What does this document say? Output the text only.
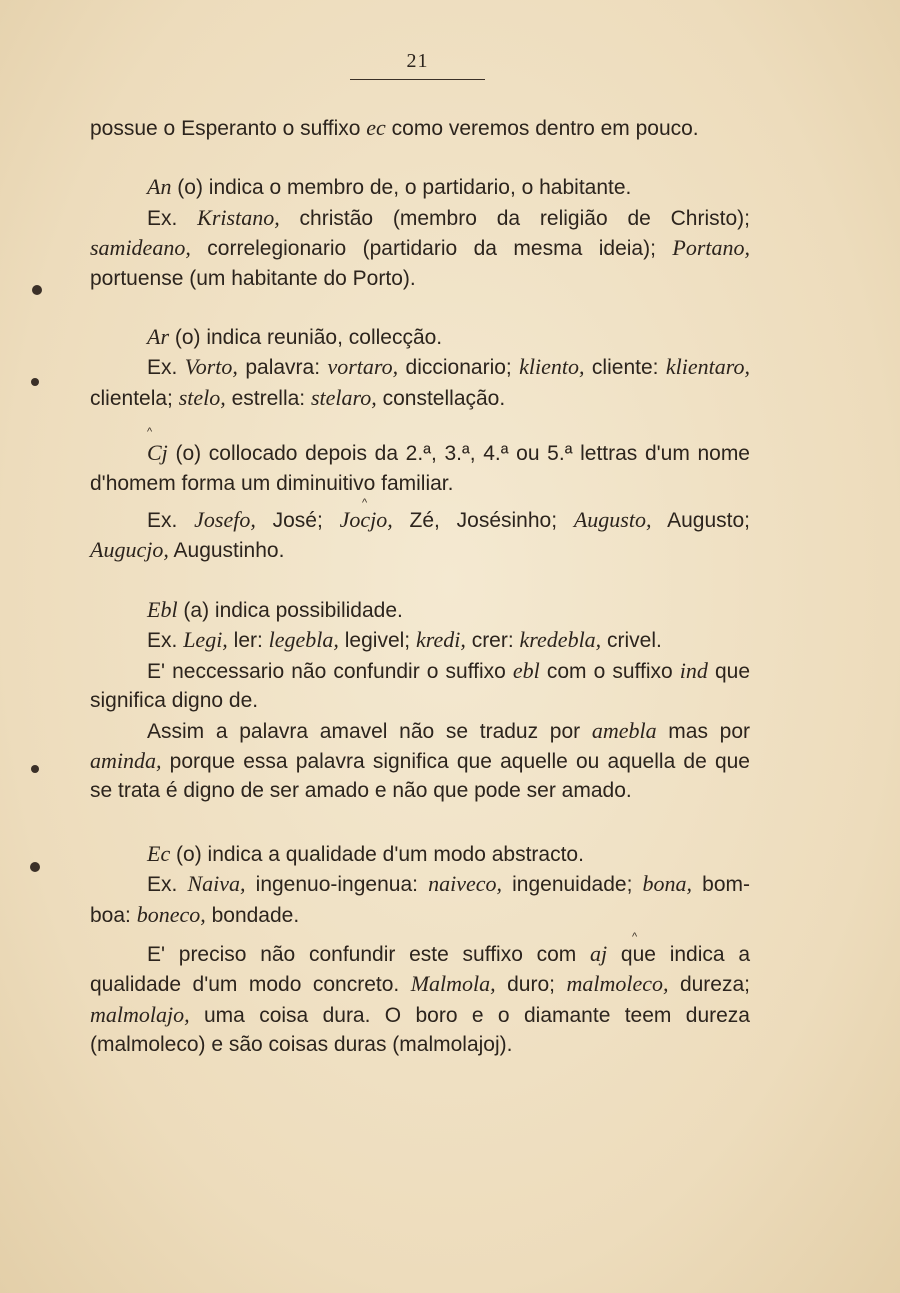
21

possue o Esperanto o suffixo ec como veremos dentro em pouco.

An (o) indica o membro de, o partidario, o habitante.

Ex. Kristano, christão (membro da religião de Christo); samideano, correlegionario (partidario da mesma ideia); Portano, portuense (um habitante do Porto).

Ar (o) indica reunião, collecção.

Ex. Vorto, palavra: vortaro, diccionario; kliento, cliente: klientaro, clientela; stelo, estrella: stelaro, constellação.

^

Cj (o) collocado depois da 2.ª, 3.ª, 4.ª ou 5.ª lettras d'um nome d'homem forma um diminuitivo familiar.

^

Ex. Josefo, José; Jocjo, Zé, Josésinho; Augusto, Augusto; Augucjo, Augustinho.

Ebl (a) indica possibilidade.

Ex. Legi, ler: legebla, legivel; kredi, crer: kredebla, crivel.

E' neccessario não confundir o suffixo ebl com o suffixo ind que significa digno de.

Assim a palavra amavel não se traduz por amebla mas por aminda, porque essa palavra significa que aquelle ou aquella de que se trata é digno de ser amado e não que pode ser amado.

Ec (o) indica a qualidade d'um modo abstracto.

Ex. Naiva, ingenuo-ingenua: naiveco, ingenuidade; bona, bom-boa: boneco, bondade.

^

E' preciso não confundir este suffixo com aj que indica a qualidade d'um modo concreto. Malmola, duro; malmoleco, dureza; malmolajo, uma coisa dura. O boro e o diamante teem dureza (malmoleco) e são coisas duras (malmolajoj).
